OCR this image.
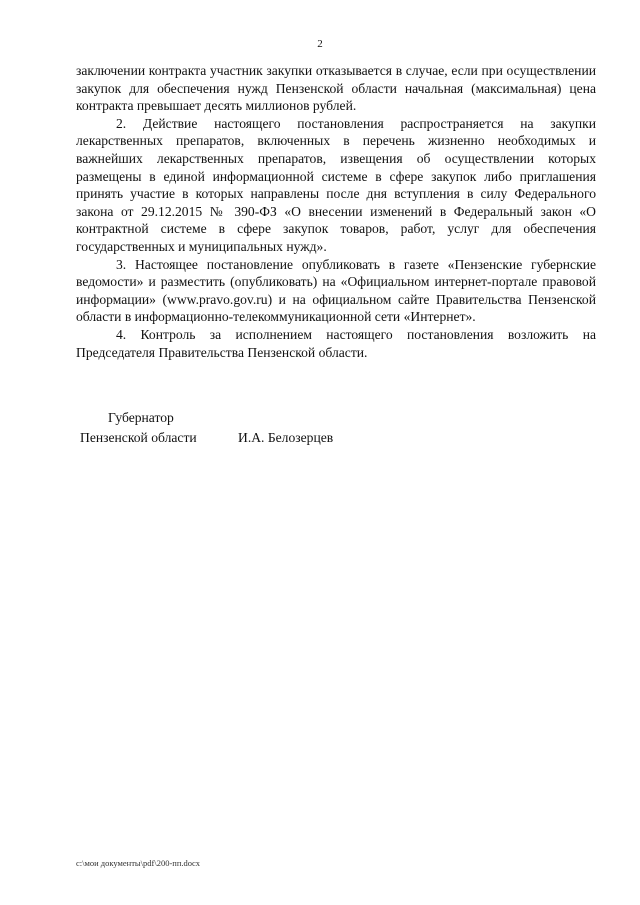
2

заключении контракта участник закупки отказывается в случае, если при осуществлении закупок для обеспечения нужд Пензенской области начальная (максимальная) цена контракта превышает десять миллионов рублей.

2. Действие настоящего постановления распространяется на закупки лекарственных препаратов, включенных в перечень жизненно необходимых и важнейших лекарственных препаратов, извещения об осуществлении которых размещены в единой информационной системе в сфере закупок либо приглашения принять участие в которых направлены после дня вступления в силу Федерального закона от 29.12.2015 № 390-ФЗ «О внесении изменений в Федеральный закон «О контрактной системе в сфере закупок товаров, работ, услуг для обеспечения государственных и муниципальных нужд».

3. Настоящее постановление опубликовать в газете «Пензенские губернские ведомости» и разместить (опубликовать) на «Официальном интернет-портале правовой информации» (www.pravo.gov.ru) и на официальном сайте Правительства Пензенской области в информационно-телекоммуникационной сети «Интернет».

4. Контроль за исполнением настоящего постановления возложить на Председателя Правительства Пензенской области.

Губернатор
Пензенской области	И.А. Белозерцев
c:\мои документы\pdf\200-пп.docx
